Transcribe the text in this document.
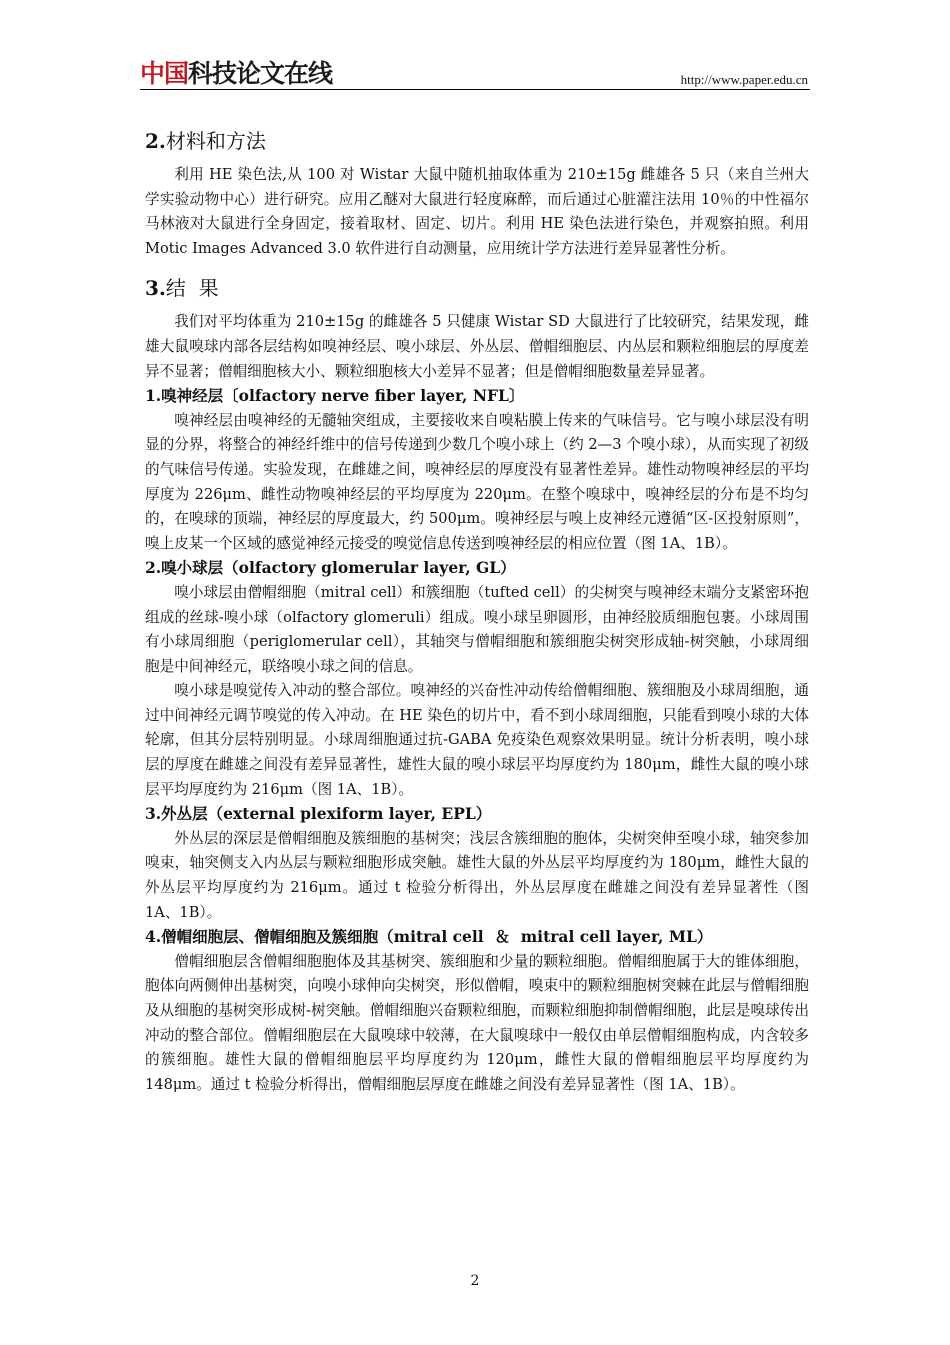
中国科技论文在线	http://www.paper.edu.cn
2.材料和方法

利用 HE 染色法,从 100 对 Wistar 大鼠中随机抽取体重为 210±15g 雌雄各 5 只（来自兰州大学实验动物中心）进行研究。应用乙醚对大鼠进行轻度麻醉，而后通过心脏灌注法用 10％的中性福尔马林液对大鼠进行全身固定，接着取材、固定、切片。利用 HE 染色法进行染色，并观察拍照。利用 Motic Images Advanced 3.0 软件进行自动测量，应用统计学方法进行差异显著性分析。

3.结  果

我们对平均体重为 210±15g 的雌雄各 5 只健康 Wistar SD 大鼠进行了比较研究，结果发现，雌雄大鼠嗅球内部各层结构如嗅神经层、嗅小球层、外丛层、僧帽细胞层、内丛层和颗粒细胞层的厚度差异不显著；僧帽细胞核大小、颗粒细胞核大小差异不显著；但是僧帽细胞数量差异显著。

1.嗅神经层〔olfactory nerve fiber layer, NFL〕

嗅神经层由嗅神经的无髓轴突组成，主要接收来自嗅粘膜上传来的气味信号。它与嗅小球层没有明显的分界，将整合的神经纤维中的信号传递到少数几个嗅小球上（约 2—3 个嗅小球），从而实现了初级的气味信号传递。实验发现，在雌雄之间，嗅神经层的厚度没有显著性差异。雄性动物嗅神经层的平均厚度为 226μm、雌性动物嗅神经层的平均厚度为 220μm。在整个嗅球中，嗅神经层的分布是不均匀的，在嗅球的顶端，神经层的厚度最大，约 500μm。嗅神经层与嗅上皮神经元遵循“区-区投射原则”，嗅上皮某一个区域的感觉神经元接受的嗅觉信息传送到嗅神经层的相应位置（图 1A、1B）。

2.嗅小球层（olfactory glomerular layer, GL）

嗅小球层由僧帽细胞（mitral cell）和簇细胞（tufted cell）的尖树突与嗅神经末端分支紧密环抱组成的丝球-嗅小球（olfactory glomeruli）组成。嗅小球呈卵圆形，由神经胶质细胞包裹。小球周围有小球周细胞（periglomerular cell），其轴突与僧帽细胞和簇细胞尖树突形成轴-树突触，小球周细胞是中间神经元，联络嗅小球之间的信息。

嗅小球是嗅觉传入冲动的整合部位。嗅神经的兴奋性冲动传给僧帽细胞、簇细胞及小球周细胞，通过中间神经元调节嗅觉的传入冲动。在 HE 染色的切片中，看不到小球周细胞，只能看到嗅小球的大体轮廓，但其分层特别明显。小球周细胞通过抗-GABA 免疫染色观察效果明显。统计分析表明，嗅小球层的厚度在雌雄之间没有差异显著性，雄性大鼠的嗅小球层平均厚度约为 180μm，雌性大鼠的嗅小球层平均厚度约为 216μm（图 1A、1B）。

3.外丛层（external plexiform layer, EPL）

外丛层的深层是僧帽细胞及簇细胞的基树突；浅层含簇细胞的胞体，尖树突伸至嗅小球，轴突参加嗅束，轴突侧支入内丛层与颗粒细胞形成突触。雄性大鼠的外丛层平均厚度约为 180μm，雌性大鼠的外丛层平均厚度约为 216μm。通过 t 检验分析得出，外丛层厚度在雌雄之间没有差异显著性（图 1A、1B）。

4.僧帽细胞层、僧帽细胞及簇细胞（mitral cell  ＆  mitral cell layer, ML）

僧帽细胞层含僧帽细胞胞体及其基树突、簇细胞和少量的颗粒细胞。僧帽细胞属于大的锥体细胞，胞体向两侧伸出基树突，向嗅小球伸向尖树突，形似僧帽，嗅束中的颗粒细胞树突棘在此层与僧帽细胞及从细胞的基树突形成树-树突触。僧帽细胞兴奋颗粒细胞，而颗粒细胞抑制僧帽细胞，此层是嗅球传出冲动的整合部位。僧帽细胞层在大鼠嗅球中较薄，在大鼠嗅球中一般仅由单层僧帽细胞构成，内含较多的簇细胞。雄性大鼠的僧帽细胞层平均厚度约为 120μm，雌性大鼠的僧帽细胞层平均厚度约为 148μm。通过 t 检验分析得出，僧帽细胞层厚度在雌雄之间没有差异显著性（图 1A、1B）。

2
